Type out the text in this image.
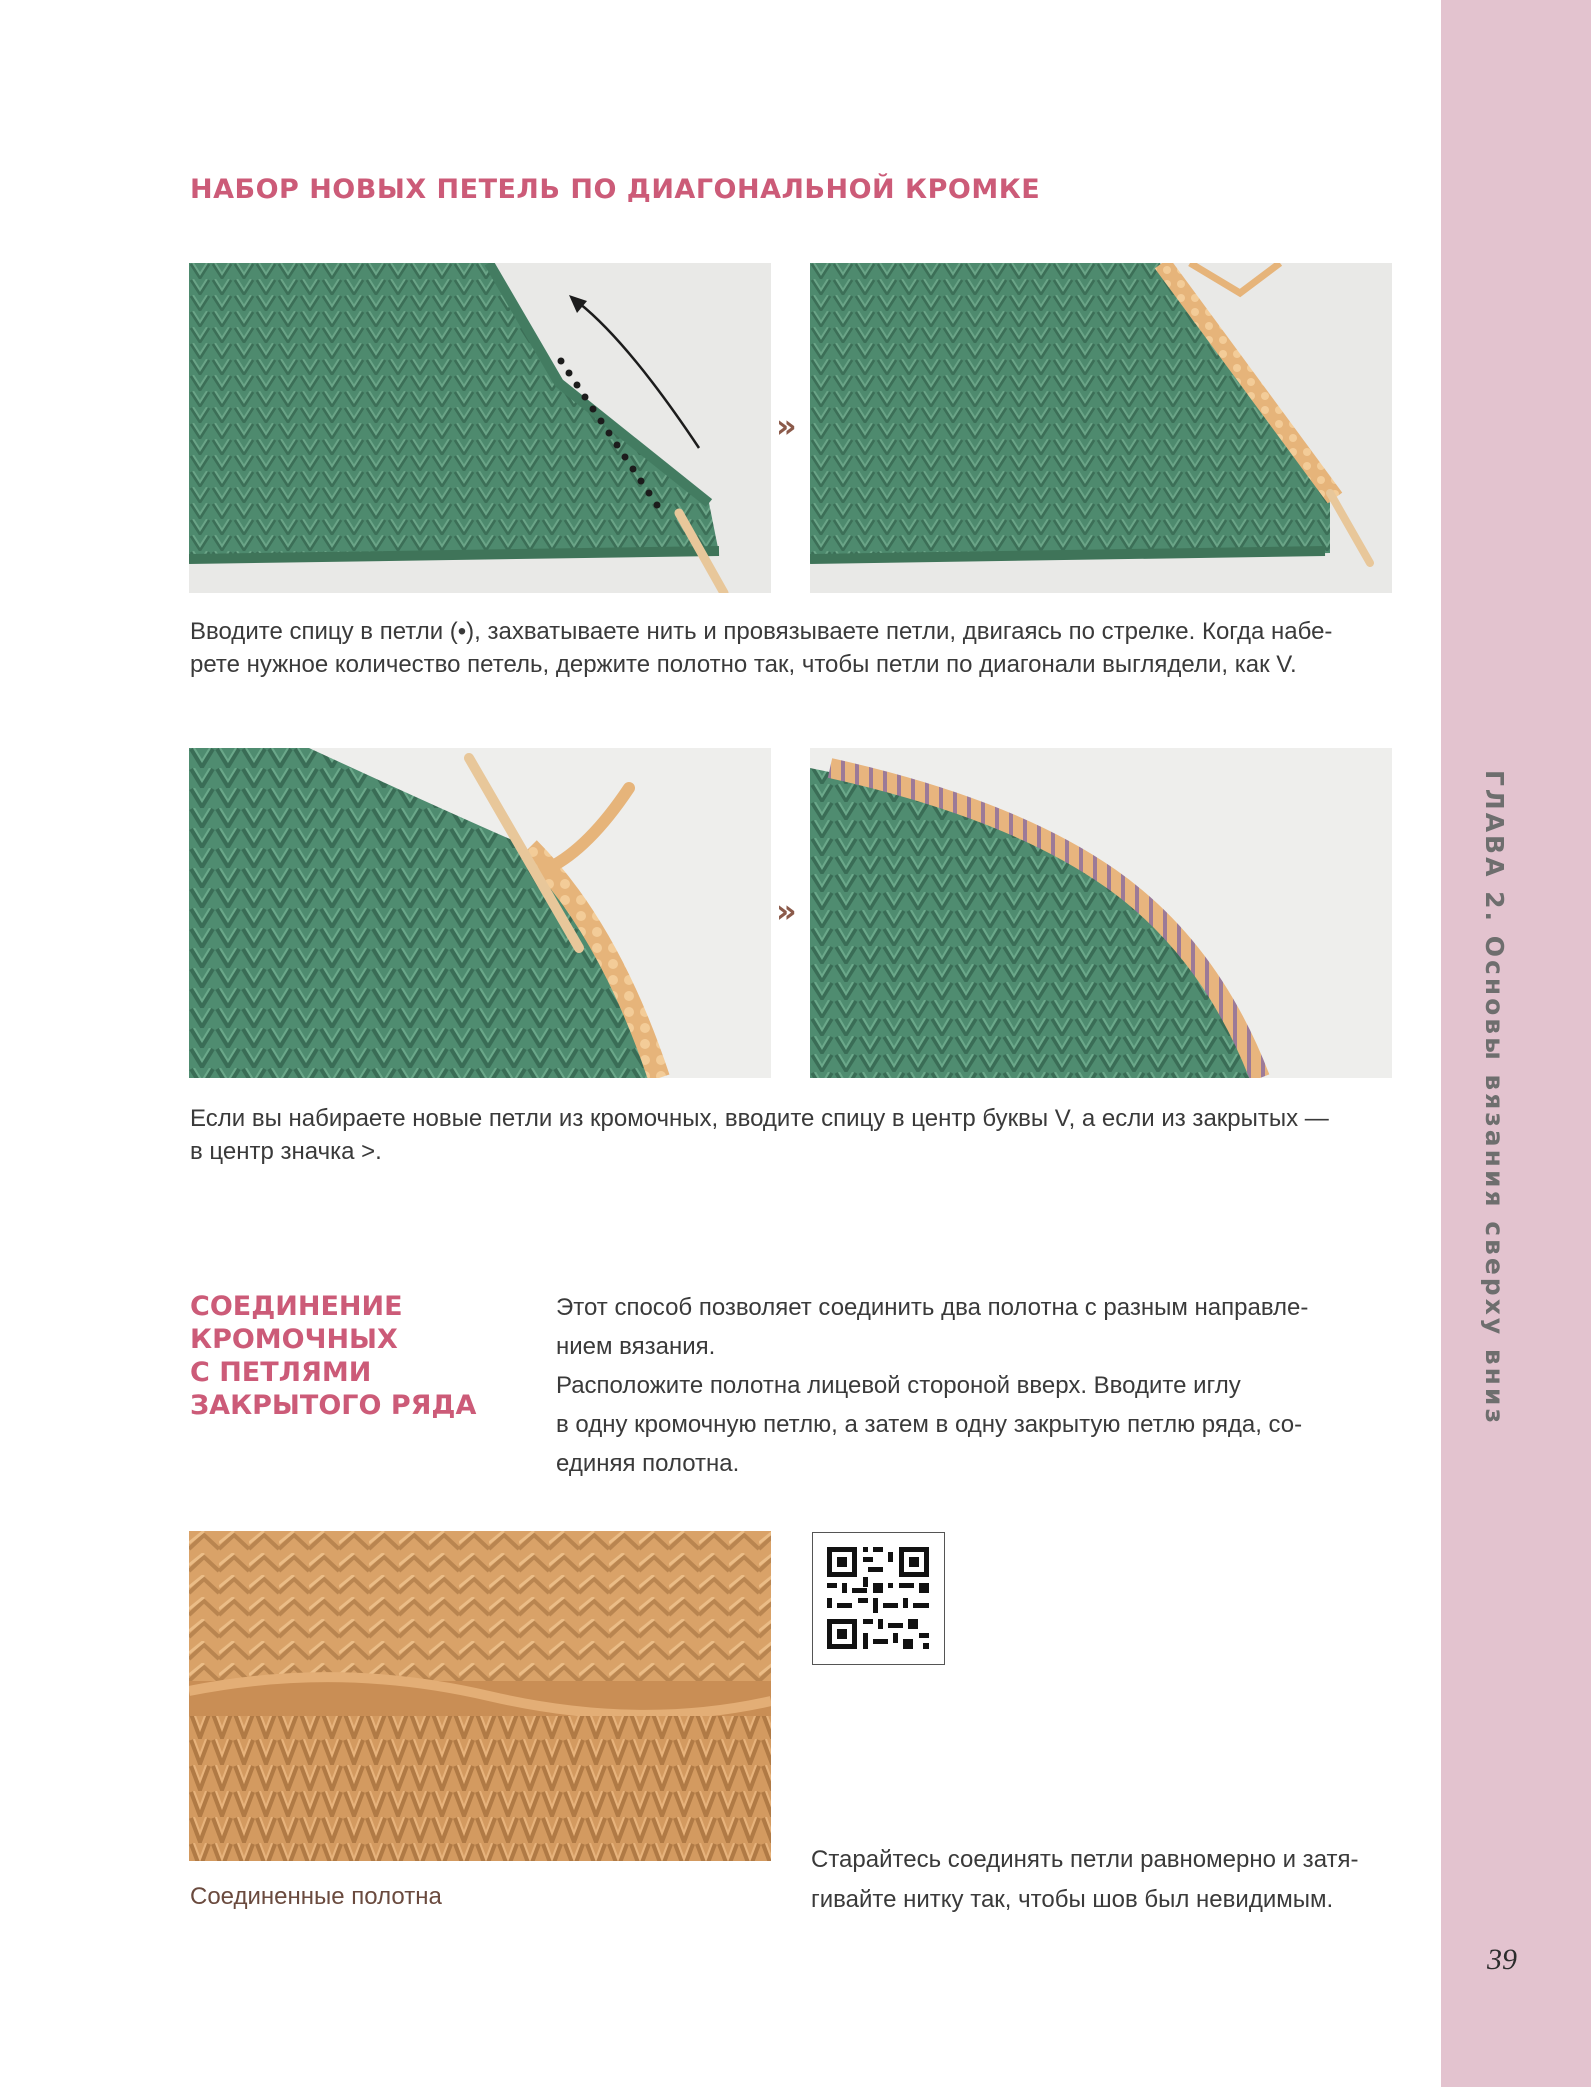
ГЛАВА 2. Основы вязания сверху вниз
39
НАБОР НОВЫХ ПЕТЕЛЬ ПО ДИАГОНАЛЬНОЙ КРОМКЕ
»
Вводите спицу в петли (•), захватываете нить и провязываете петли, двигаясь по стрелке. Когда набе-
рете нужное количество петель, держите полотно так, чтобы петли по диагонали выглядели, как V.
»
Если вы набираете новые петли из кромочных, вводите спицу в центр буквы V, а если из закрытых —
в центр значка >.
СОЕДИНЕНИЕ
КРОМОЧНЫХ
С ПЕТЛЯМИ
ЗАКРЫТОГО РЯДА
Этот способ позволяет соединить два полотна с разным направле-
нием вязания.
Расположите полотна лицевой стороной вверх. Вводите иглу
в одну кромочную петлю, а затем в одну закрытую петлю ряда, со-
единяя полотна.
Соединенные полотна
Старайтесь соединять петли равномерно и затя-
гивайте нитку так, чтобы шов был невидимым.
